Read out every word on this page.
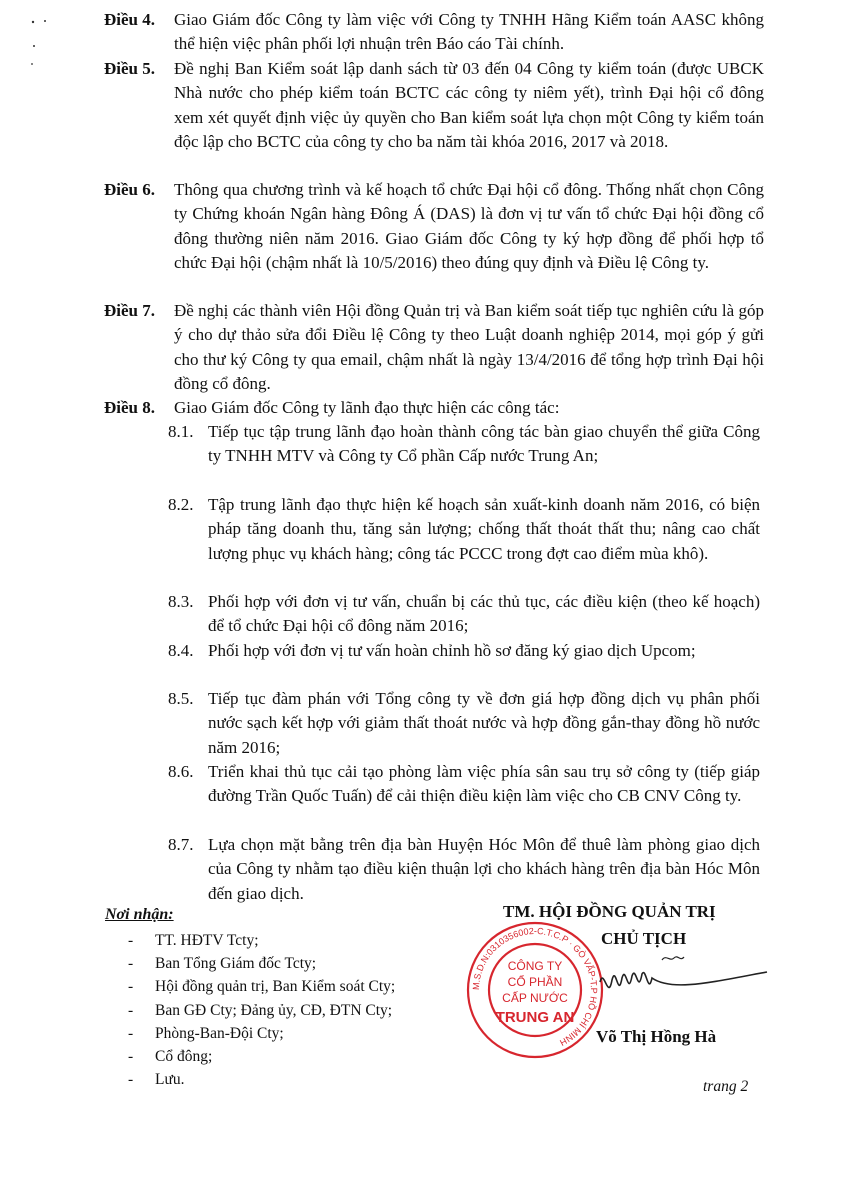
Điều 4. Giao Giám đốc Công ty làm việc với Công ty TNHH Hãng Kiểm toán AASC không thể hiện việc phân phối lợi nhuận trên Báo cáo Tài chính.
Điều 5. Đề nghị Ban Kiểm soát lập danh sách từ 03 đến 04 Công ty kiểm toán (được UBCK Nhà nước cho phép kiểm toán BCTC các công ty niêm yết), trình Đại hội cổ đông xem xét quyết định việc ủy quyền cho Ban kiểm soát lựa chọn một Công ty kiểm toán độc lập cho BCTC của công ty cho ba năm tài khóa 2016, 2017 và 2018.
Điều 6. Thông qua chương trình và kế hoạch tổ chức Đại hội cổ đông. Thống nhất chọn Công ty Chứng khoán Ngân hàng Đông Á (DAS) là đơn vị tư vấn tổ chức Đại hội đồng cổ đông thường niên năm 2016. Giao Giám đốc Công ty ký hợp đồng để phối hợp tổ chức Đại hội (chậm nhất là 10/5/2016) theo đúng quy định và Điều lệ Công ty.
Điều 7. Đề nghị các thành viên Hội đồng Quản trị và Ban kiểm soát tiếp tục nghiên cứu là góp ý cho dự thảo sửa đổi Điều lệ Công ty theo Luật doanh nghiệp 2014, mọi góp ý gửi cho thư ký Công ty qua email, chậm nhất là ngày 13/4/2016 để tổng hợp trình Đại hội đồng cổ đông.
Điều 8. Giao Giám đốc Công ty lãnh đạo thực hiện các công tác:
8.1. Tiếp tục tập trung lãnh đạo hoàn thành công tác bàn giao chuyển thể giữa Công ty TNHH MTV và Công ty Cổ phần Cấp nước Trung An;
8.2. Tập trung lãnh đạo thực hiện kế hoạch sản xuất-kinh doanh năm 2016, có biện pháp tăng doanh thu, tăng sản lượng; chống thất thoát thất thu; nâng cao chất lượng phục vụ khách hàng; công tác PCCC trong đợt cao điểm mùa khô).
8.3. Phối hợp với đơn vị tư vấn, chuẩn bị các thủ tục, các điều kiện (theo kế hoạch) để tổ chức Đại hội cổ đông năm 2016;
8.4. Phối hợp với đơn vị tư vấn hoàn chỉnh hồ sơ đăng ký giao dịch Upcom;
8.5. Tiếp tục đàm phán với Tổng công ty về đơn giá hợp đồng dịch vụ phân phối nước sạch kết hợp với giảm thất thoát nước và hợp đồng gắn-thay đồng hồ nước năm 2016;
8.6. Triển khai thủ tục cải tạo phòng làm việc phía sân sau trụ sở công ty (tiếp giáp đường Trần Quốc Tuấn) để cải thiện điều kiện làm việc cho CB CNV Công ty.
8.7. Lựa chọn mặt bằng trên địa bàn Huyện Hóc Môn để thuê làm phòng giao dịch của Công ty nhằm tạo điều kiện thuận lợi cho khách hàng trên địa bàn Hóc Môn đến giao dịch.
Nơi nhận:
-	TT. HĐTV Tcty;
-	Ban Tổng Giám đốc Tcty;
-	Hội đồng quản trị, Ban Kiểm soát Cty;
-	Ban GĐ Cty; Đảng ủy, CĐ, ĐTN Cty;
-	Phòng-Ban-Đội Cty;
-	Cổ đông;
-	Lưu.
TM. HỘI ĐỒNG QUẢN TRỊ
CHỦ TỊCH
M.S.D.N:0310356002-C.T.C.P · GÒ VẤP-T.P HỒ CHÍ MINH
CÔNG TY
CỔ PHẦN
CẤP NƯỚC
TRUNG AN
Võ Thị Hồng Hà
trang 2
